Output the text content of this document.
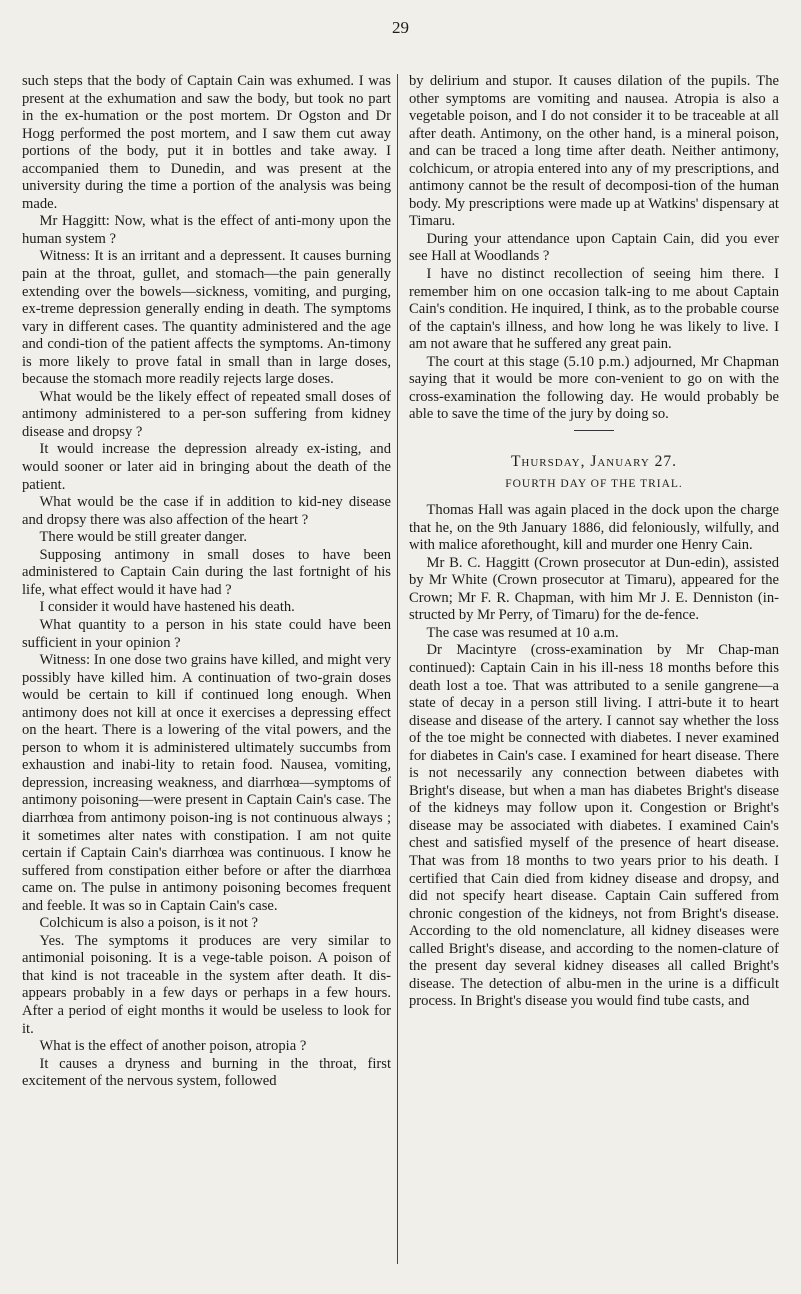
29

such steps that the body of Captain Cain was exhumed. I was present at the exhumation and saw the body, but took no part in the ex-humation or the post mortem. Dr Ogston and Dr Hogg performed the post mortem, and I saw them cut away portions of the body, put it in bottles and take away. I accompanied them to Dunedin, and was present at the university during the time a portion of the analysis was being made.

Mr Haggitt: Now, what is the effect of anti-mony upon the human system ?

Witness: It is an irritant and a depressent. It causes burning pain at the throat, gullet, and stomach—the pain generally extending over the bowels—sickness, vomiting, and purging, ex-treme depression generally ending in death. The symptoms vary in different cases. The quantity administered and the age and condi-tion of the patient affects the symptoms. An-timony is more likely to prove fatal in small than in large doses, because the stomach more readily rejects large doses.

What would be the likely effect of repeated small doses of antimony administered to a per-son suffering from kidney disease and dropsy ?

It would increase the depression already ex-isting, and would sooner or later aid in bringing about the death of the patient.

What would be the case if in addition to kid-ney disease and dropsy there was also affection of the heart ?

There would be still greater danger.

Supposing antimony in small doses to have been administered to Captain Cain during the last fortnight of his life, what effect would it have had ?

I consider it would have hastened his death.

What quantity to a person in his state could have been sufficient in your opinion ?

Witness: In one dose two grains have killed, and might very possibly have killed him. A continuation of two-grain doses would be certain to kill if continued long enough. When antimony does not kill at once it exercises a depressing effect on the heart. There is a lowering of the vital powers, and the person to whom it is administered ultimately succumbs from exhaustion and inabi-lity to retain food. Nausea, vomiting, depression, increasing weakness, and diarrhœa—symptoms of antimony poisoning—were present in Captain Cain's case. The diarrhœa from antimony poison-ing is not continuous always ; it sometimes alter nates with constipation. I am not quite certain if Captain Cain's diarrhœa was continuous. I know he suffered from constipation either before or after the diarrhœa came on. The pulse in antimony poisoning becomes frequent and feeble. It was so in Captain Cain's case.

Colchicum is also a poison, is it not ?

Yes. The symptoms it produces are very similar to antimonial poisoning. It is a vege-table poison. A poison of that kind is not traceable in the system after death. It dis-appears probably in a few days or perhaps in a few hours. After a period of eight months it would be useless to look for it.

What is the effect of another poison, atropia ?

It causes a dryness and burning in the throat, first excitement of the nervous system, followed

by delirium and stupor. It causes dilation of the pupils. The other symptoms are vomiting and nausea. Atropia is also a vegetable poison, and I do not consider it to be traceable at all after death. Antimony, on the other hand, is a mineral poison, and can be traced a long time after death. Neither antimony, colchicum, or atropia entered into any of my prescriptions, and antimony cannot be the result of decomposi-tion of the human body. My prescriptions were made up at Watkins' dispensary at Timaru.

During your attendance upon Captain Cain, did you ever see Hall at Woodlands ?

I have no distinct recollection of seeing him there. I remember him on one occasion talk-ing to me about Captain Cain's condition. He inquired, I think, as to the probable course of the captain's illness, and how long he was likely to live. I am not aware that he suffered any great pain.

The court at this stage (5.10 p.m.) adjourned, Mr Chapman saying that it would be more con-venient to go on with the cross-examination the following day. He would probably be able to save the time of the jury by doing so.

Thursday, January 27.

FOURTH DAY OF THE TRIAL.

Thomas Hall was again placed in the dock upon the charge that he, on the 9th January 1886, did feloniously, wilfully, and with malice aforethought, kill and murder one Henry Cain.

Mr B. C. Haggitt (Crown prosecutor at Dun-edin), assisted by Mr White (Crown prosecutor at Timaru), appeared for the Crown; Mr F. R. Chapman, with him Mr J. E. Denniston (in-structed by Mr Perry, of Timaru) for the de-fence.

The case was resumed at 10 a.m.

Dr Macintyre (cross-examination by Mr Chap-man continued): Captain Cain in his ill-ness 18 months before this death lost a toe. That was attributed to a senile gangrene—a state of decay in a person still living. I attri-bute it to heart disease and disease of the artery. I cannot say whether the loss of the toe might be connected with diabetes. I never examined for diabetes in Cain's case. I examined for heart disease. There is not necessarily any connection between diabetes with Bright's disease, but when a man has diabetes Bright's disease of the kidneys may follow upon it. Congestion or Bright's disease may be associated with diabetes. I examined Cain's chest and satisfied myself of the presence of heart disease. That was from 18 months to two years prior to his death. I certified that Cain died from kidney disease and dropsy, and did not specify heart disease. Captain Cain suffered from chronic congestion of the kidneys, not from Bright's disease. According to the old nomenclature, all kidney diseases were called Bright's disease, and according to the nomen-clature of the present day several kidney diseases all called Bright's disease. The detection of albu-men in the urine is a difficult process. In Bright's disease you would find tube casts, and
